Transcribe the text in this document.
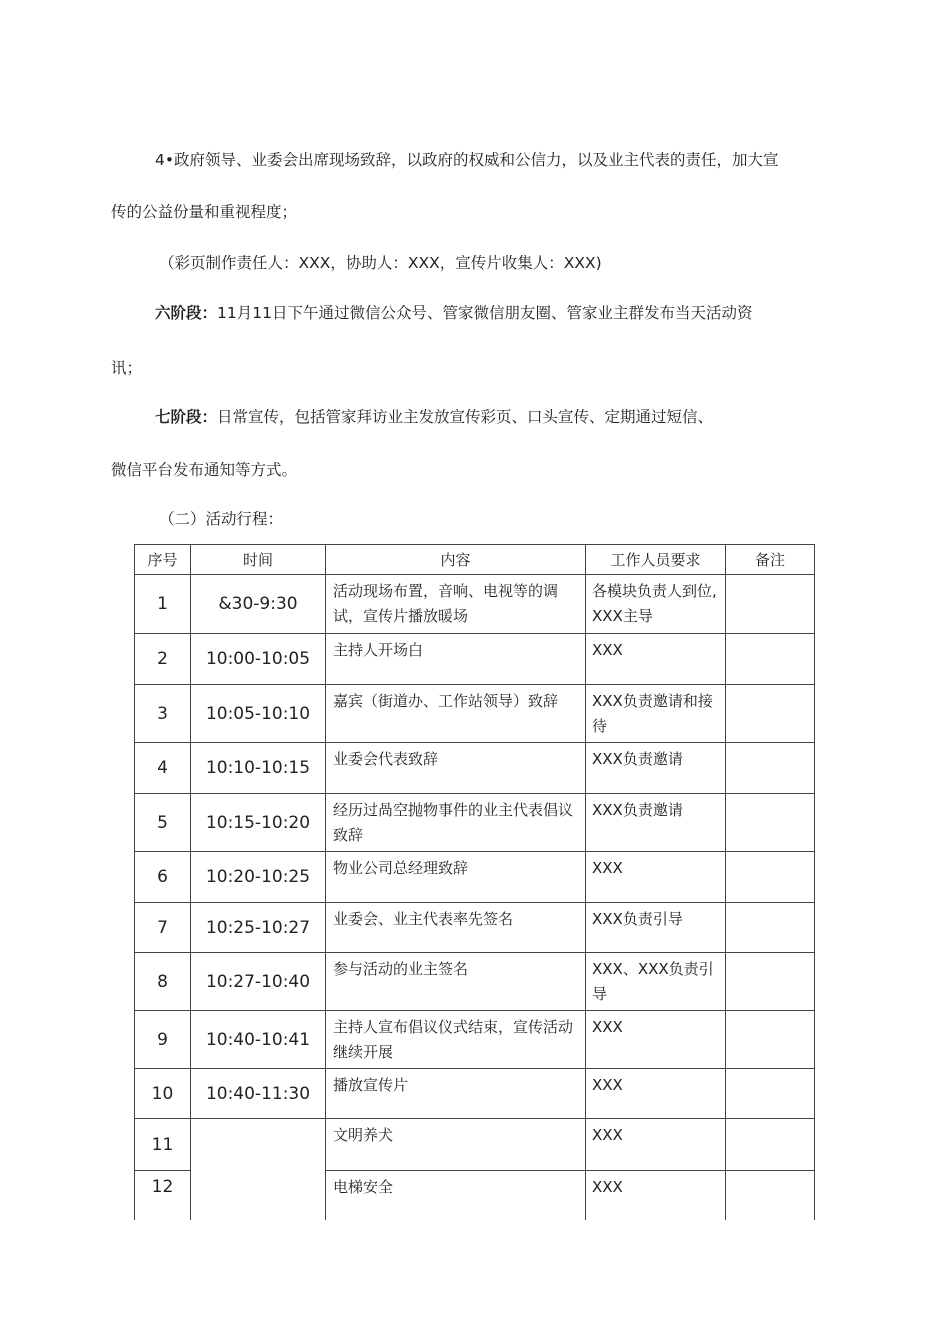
4•政府领导、业委会出席现场致辞，以政府的权威和公信力，以及业主代表的责任，加大宣
传的公益份量和重视程度；
（彩页制作责任人：XXX，协助人：XXX，宣传片收集人：XXX)
六阶段：11月11日下午通过微信公众号、管家微信朋友圈、管家业主群发布当天活动资
讯；
七阶段：日常宣传，包括管家拜访业主发放宣传彩页、口头宣传、定期通过短信、
微信平台发布通知等方式。
（二）活动行程：
序号	时间	内容	工作人员要求	备注
1	&30-9:30	活动现场布置，音响、电视等的调试，宣传片播放暖场	各模块负责人到位, XXX主导	
2	10:00-10:05	主持人开场白	XXX	
3	10:05-10:10	嘉宾（街道办、工作站领导）致辞	XXX负责邀请和接待	
4	10:10-10:15	业委会代表致辞	XXX负责邀请	
5	10:15-10:20	经历过咼空抛物事件的业主代表倡议致辞	XXX负责邀请	
6	10:20-10:25	物业公司总经理致辞	XXX	
7	10:25-10:27	业委会、业主代表率先签名	XXX负责引导	
8	10:27-10:40	参与活动的业主签名	XXX、XXX负责引导	
9	10:40-10:41	主持人宣布倡议仪式结束，宣传活动继续开展	XXX	
10	10:40-11:30	播放宣传片	XXX	
11		文明养犬	XXX	
12		电梯安全	XXX	
